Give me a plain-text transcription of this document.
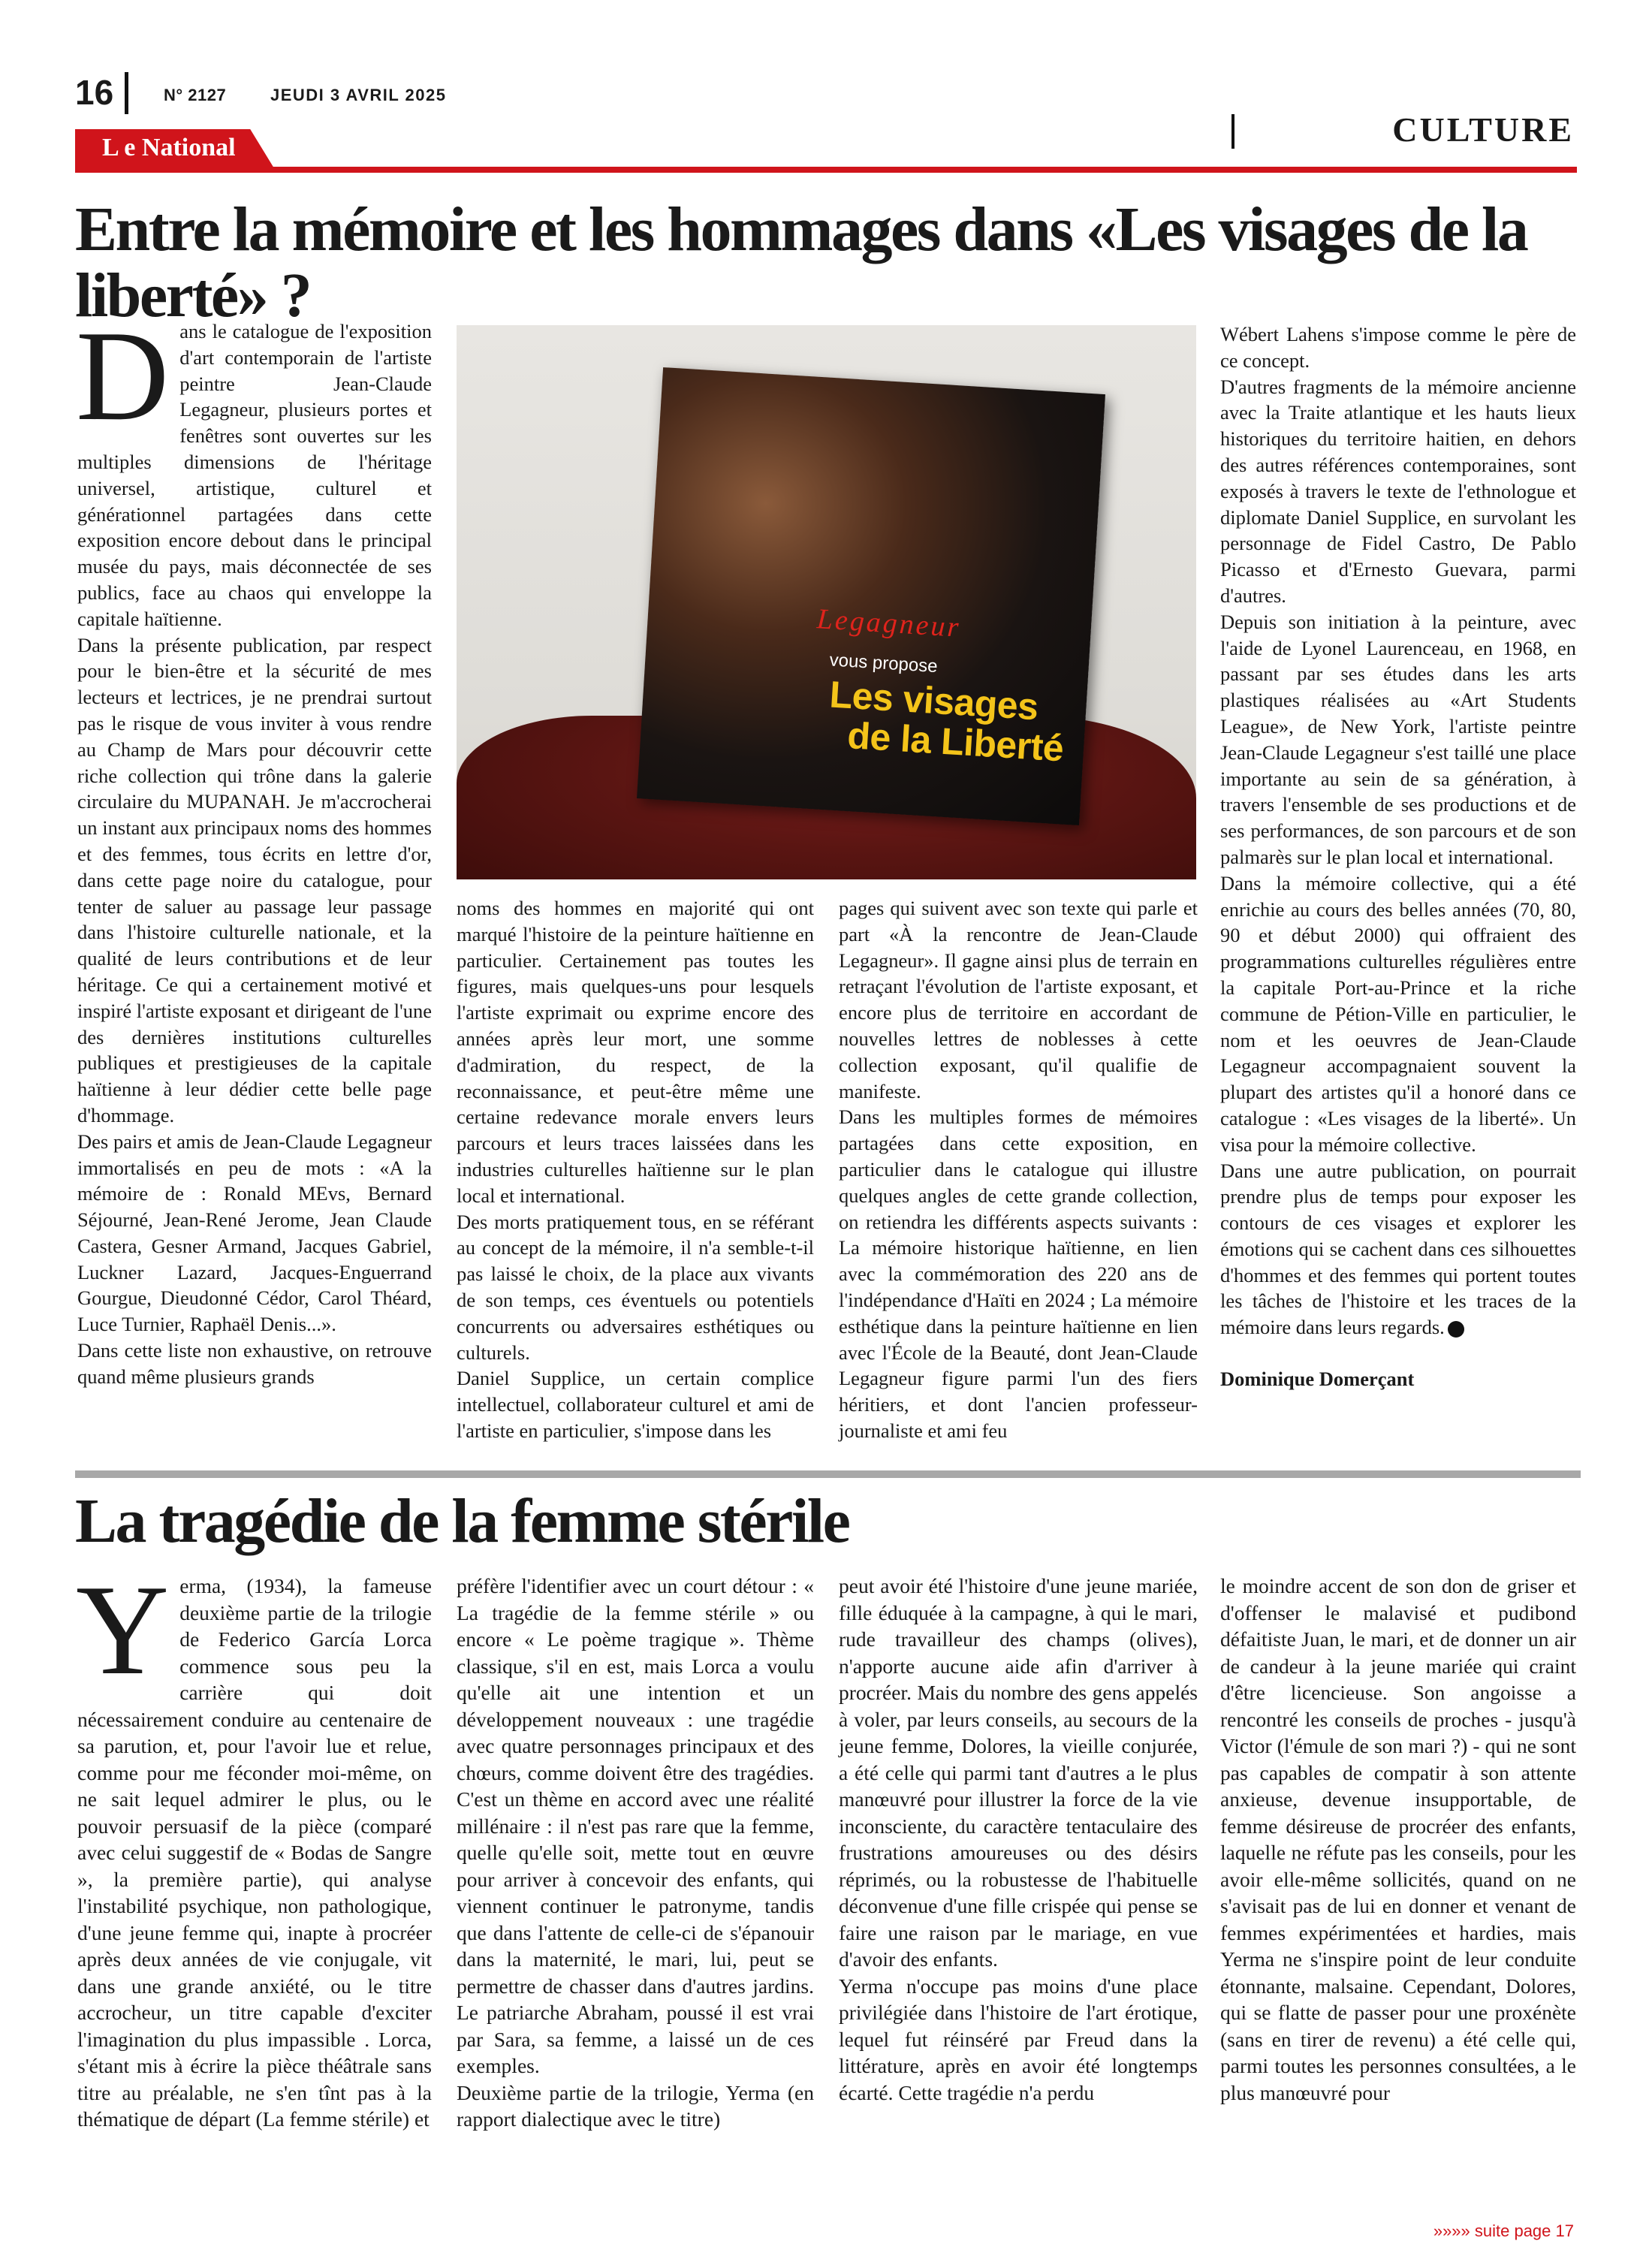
16	N° 2127	JEUDI 3 AVRIL 2025
CULTURE
L e National
Entre la mémoire et les hommages dans «Les visages de la liberté» ?
D ans le catalogue de l'exposition d'art contemporain de l'artiste peintre Jean-Claude Legagneur, plusieurs portes et fenêtres sont ouvertes sur les multiples dimensions de l'héritage universel, artistique, culturel et générationnel partagées dans cette exposition encore debout dans le principal musée du pays, mais déconnectée de ses publics, face au chaos qui enveloppe la capitale haïtienne.

Dans la présente publication, par respect pour le bien-être et la sécurité de mes lecteurs et lectrices, je ne prendrai surtout pas le risque de vous inviter à vous rendre au Champ de Mars pour découvrir cette riche collection qui trône dans la galerie circulaire du MUPANAH. Je m'accrocherai un instant aux principaux noms des hommes et des femmes, tous écrits en lettre d'or, dans cette page noire du catalogue, pour tenter de saluer au passage leur passage dans l'histoire culturelle nationale, et la qualité de leurs contributions et de leur héritage. Ce qui a certainement motivé et inspiré l'artiste exposant et dirigeant de l'une des dernières institutions culturelles publiques et prestigieuses de la capitale haïtienne à leur dédier cette belle page d'hommage.

Des pairs et amis de Jean-Claude Legagneur immortalisés en peu de mots : «A la mémoire de : Ronald MEvs, Bernard Séjourné, Jean-René Jerome, Jean Claude Castera, Gesner Armand, Jacques Gabriel, Luckner Lazard, Jacques-Enguerrand Gourgue, Dieudonné Cédor, Carol Théard, Luce Turnier, Raphaël Denis...».

Dans cette liste non exhaustive, on retrouve quand même plusieurs grands

Legagneur
vous propose
Les visages
de la Liberté

noms des hommes en majorité qui ont marqué l'histoire de la peinture haïtienne en particulier. Certainement pas toutes les figures, mais quelques-uns pour lesquels l'artiste exprimait ou exprime encore des années après leur mort, une somme d'admiration, du respect, de la reconnaissance, et peut-être même une certaine redevance morale envers leurs parcours et leurs traces laissées dans les industries culturelles haïtienne sur le plan local et international.

Des morts pratiquement tous, en se référant au concept de la mémoire, il n'a semble-t-il pas laissé le choix, de la place aux vivants de son temps, ces éventuels ou potentiels concurrents ou adversaires esthétiques ou culturels.

Daniel Supplice, un certain complice intellectuel, collaborateur culturel et ami de l'artiste en particulier, s'impose dans les

pages qui suivent avec son texte qui parle et part «À la rencontre de Jean-Claude Legagneur». Il gagne ainsi plus de terrain en retraçant l'évolution de l'artiste exposant, et encore plus de territoire en accordant de nouvelles lettres de noblesses à cette collection exposant, qu'il qualifie de manifeste.

Dans les multiples formes de mémoires partagées dans cette exposition, en particulier dans le catalogue qui illustre quelques angles de cette grande collection, on retiendra les différents aspects suivants : La mémoire historique haïtienne, en lien avec la commémoration des 220 ans de l'indépendance d'Haïti en 2024 ; La mémoire esthétique dans la peinture haïtienne en lien avec l'École de la Beauté, dont Jean-Claude Legagneur figure parmi l'un des fiers héritiers, et dont l'ancien professeur-journaliste et ami feu

Wébert Lahens s'impose comme le père de ce concept.

D'autres fragments de la mémoire ancienne avec la Traite atlantique et les hauts lieux historiques du territoire haitien, en dehors des autres références contemporaines, sont exposés à travers le texte de l'ethnologue et diplomate Daniel Supplice, en survolant les personnage de Fidel Castro, De Pablo Picasso et d'Ernesto Guevara, parmi d'autres.

Depuis son initiation à la peinture, avec l'aide de Lyonel Laurenceau, en 1968, en passant par ses études dans les arts plastiques réalisées au «Art Students League», de New York, l'artiste peintre Jean-Claude Legagneur s'est taillé une place importante au sein de sa génération, à travers l'ensemble de ses productions et de ses performances, de son parcours et de son palmarès sur le plan local et international.

Dans la mémoire collective, qui a été enrichie au cours des belles années (70, 80, 90 et début 2000) qui offraient des programmations culturelles régulières entre la capitale Port-au-Prince et la riche commune de Pétion-Ville en particulier, le nom et les oeuvres de Jean-Claude Legagneur accompagnaient souvent la plupart des artistes qu'il a honoré dans ce catalogue : «Les visages de la liberté». Un visa pour la mémoire collective.

Dans une autre publication, on pourrait prendre plus de temps pour exposer les contours de ces visages et explorer les émotions qui se cachent dans ces silhouettes d'hommes et des femmes qui portent toutes les tâches de l'histoire et les traces de la mémoire dans leurs regards.

Dominique Domerçant

La tragédie de la femme stérile
Y erma, (1934), la fameuse deuxième partie de la trilogie de Federico García Lorca commence sous peu la carrière qui doit nécessairement conduire au centenaire de sa parution, et, pour l'avoir lue et relue, comme pour me féconder moi-même, on ne sait lequel admirer le plus, ou le pouvoir persuasif de la pièce (comparé avec celui suggestif de « Bodas de Sangre », la première partie), qui analyse l'instabilité psychique, non pathologique, d'une jeune femme qui, inapte à procréer après deux années de vie conjugale, vit dans une grande anxiété, ou le titre accrocheur, un titre capable d'exciter l'imagination du plus impassible . Lorca, s'étant mis à écrire la pièce théâtrale sans titre au préalable, ne s'en tînt pas à la thématique de départ (La femme stérile) et

préfère l'identifier avec un court détour : « La tragédie de la femme stérile » ou encore « Le poème tragique ». Thème classique, s'il en est, mais Lorca a voulu qu'elle ait une intention et un développement nouveaux : une tragédie avec quatre personnages principaux et des chœurs, comme doivent être des tragédies. C'est un thème en accord avec une réalité millénaire : il n'est pas rare que la femme, quelle qu'elle soit, mette tout en œuvre pour arriver à concevoir des enfants, qui viennent continuer le patronyme, tandis que dans l'attente de celle-ci de s'épanouir dans la maternité, le mari, lui, peut se permettre de chasser dans d'autres jardins. Le patriarche Abraham, poussé il est vrai par Sara, sa femme, a laissé un de ces exemples.

Deuxième partie de la trilogie, Yerma (en rapport dialectique avec le titre)

peut avoir été l'histoire d'une jeune mariée, fille éduquée à la campagne, à qui le mari, rude travailleur des champs (olives), n'apporte aucune aide afin d'arriver à procréer. Mais du nombre des gens appelés à voler, par leurs conseils, au secours de la jeune femme, Dolores, la vieille conjurée, a été celle qui parmi tant d'autres a le plus manœuvré pour illustrer la force de la vie inconsciente, du caractère tentaculaire des frustrations amoureuses ou des désirs réprimés, ou la robustesse de l'habituelle déconvenue d'une fille crispée qui pense se faire une raison par le mariage, en vue d'avoir des enfants.

Yerma n'occupe pas moins d'une place privilégiée dans l'histoire de l'art érotique, lequel fut réinséré par Freud dans la littérature, après en avoir été longtemps écarté. Cette tragédie n'a perdu

le moindre accent de son don de griser et d'offenser le malavisé et pudibond défaitiste Juan, le mari, et de donner un air de candeur à la jeune mariée qui craint d'être licencieuse. Son angoisse a rencontré les conseils de proches - jusqu'à Victor (l'émule de son mari ?) - qui ne sont pas capables de compatir à son attente anxieuse, devenue insupportable, de femme désireuse de procréer des enfants, laquelle ne réfute pas les conseils, pour les avoir elle-même sollicités, quand on ne s'avisait pas de lui en donner et venant de femmes expérimentées et hardies, mais Yerma ne s'inspire point de leur conduite étonnante, malsaine. Cependant, Dolores, qui se flatte de passer pour une proxénète (sans en tirer de revenu) a été celle qui, parmi toutes les personnes consultées, a le plus manœuvré pour

»»»» suite page 17
